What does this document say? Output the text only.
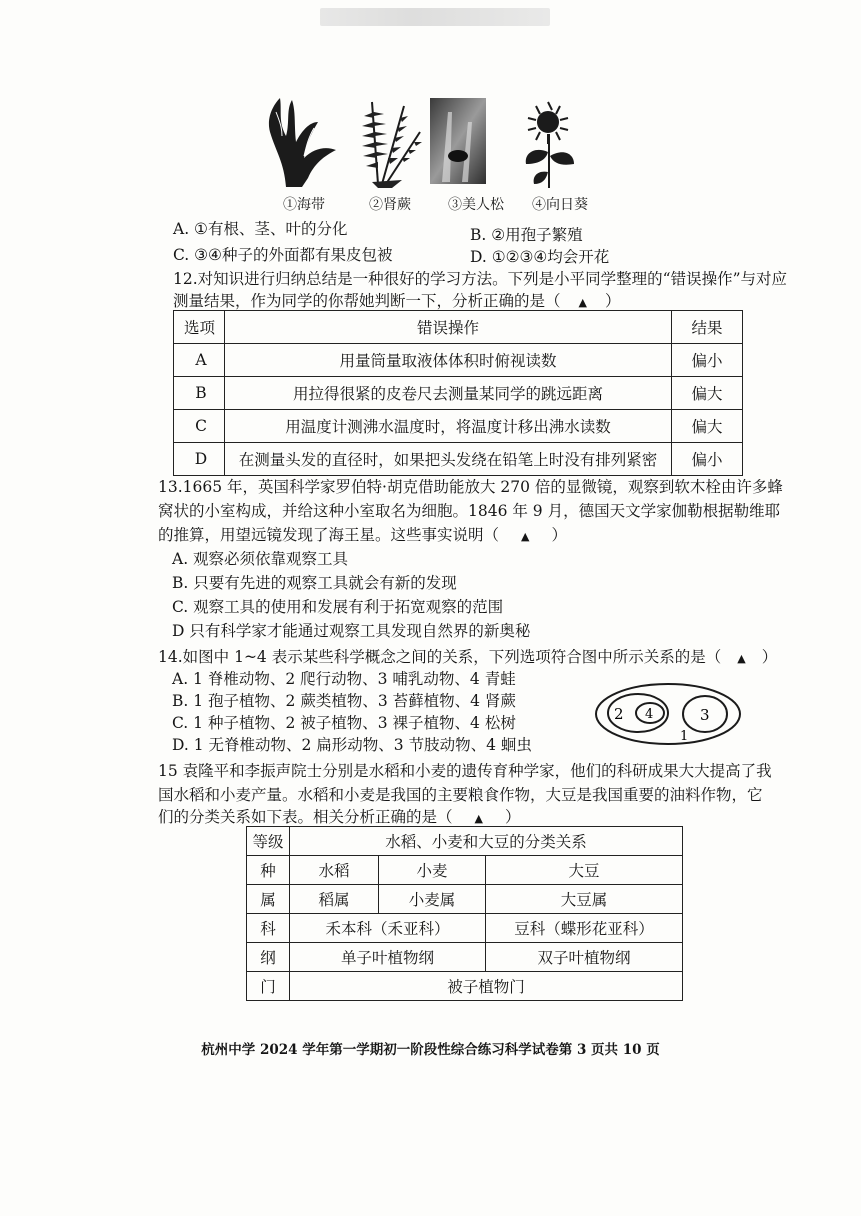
①海带	②肾蕨	③美人松	④向日葵
A. ①有根、茎、叶的分化	B. ②用孢子繁殖
C. ③④种子的外面都有果皮包被	D. ①②③④均会开花
12.对知识进行归纳总结是一种很好的学习方法。下列是小平同学整理的“错误操作”与对应
测量结果，作为同学的你帮她判断一下，分析正确的是（ ▲ ）
选项	错误操作	结果
A	用量筒量取液体体积时俯视读数	偏小
B	用拉得很紧的皮卷尺去测量某同学的跳远距离	偏大
C	用温度计测沸水温度时，将温度计移出沸水读数	偏大
D	在测量头发的直径时，如果把头发绕在铅笔上时没有排列紧密	偏小
13.1665 年，英国科学家罗伯特·胡克借助能放大 270 倍的显微镜，观察到软木栓由许多蜂
窝状的小室构成，并给这种小室取名为细胞。1846 年 9 月，德国天文学家伽勒根据勒维耶
的推算，用望远镜发现了海王星。这些事实说明（ ▲ ）
A. 观察必须依靠观察工具
B. 只要有先进的观察工具就会有新的发现
C. 观察工具的使用和发展有利于拓宽观察的范围
D 只有科学家才能通过观察工具发现自然界的新奥秘
14.如图中 1~4 表示某些科学概念之间的关系，下列选项符合图中所示关系的是（ ▲ ）
A. 1 脊椎动物、2 爬行动物、3 哺乳动物、4 青蛙
B. 1 孢子植物、2 蕨类植物、3 苔藓植物、4 肾蕨
C. 1 种子植物、2 被子植物、3 裸子植物、4 松树
D. 1 无脊椎动物、2 扁形动物、3 节肢动物、4 蛔虫
2 4	3
1
15 袁隆平和李振声院士分别是水稻和小麦的遗传育种学家，他们的科研成果大大提高了我
国水稻和小麦产量。水稻和小麦是我国的主要粮食作物，大豆是我国重要的油料作物，它
们的分类关系如下表。相关分析正确的是（ ▲ ）
等级	水稻、小麦和大豆的分类关系		
种	水稻	小麦	大豆
属	稻属	小麦属	大豆属
科	禾本科（禾亚科）		豆科（蝶形花亚科）
纲	单子叶植物纲		双子叶植物纲
门	被子植物门		
杭州中学 2024 学年第一学期初一阶段性综合练习科学试卷第 3 页共 10 页
